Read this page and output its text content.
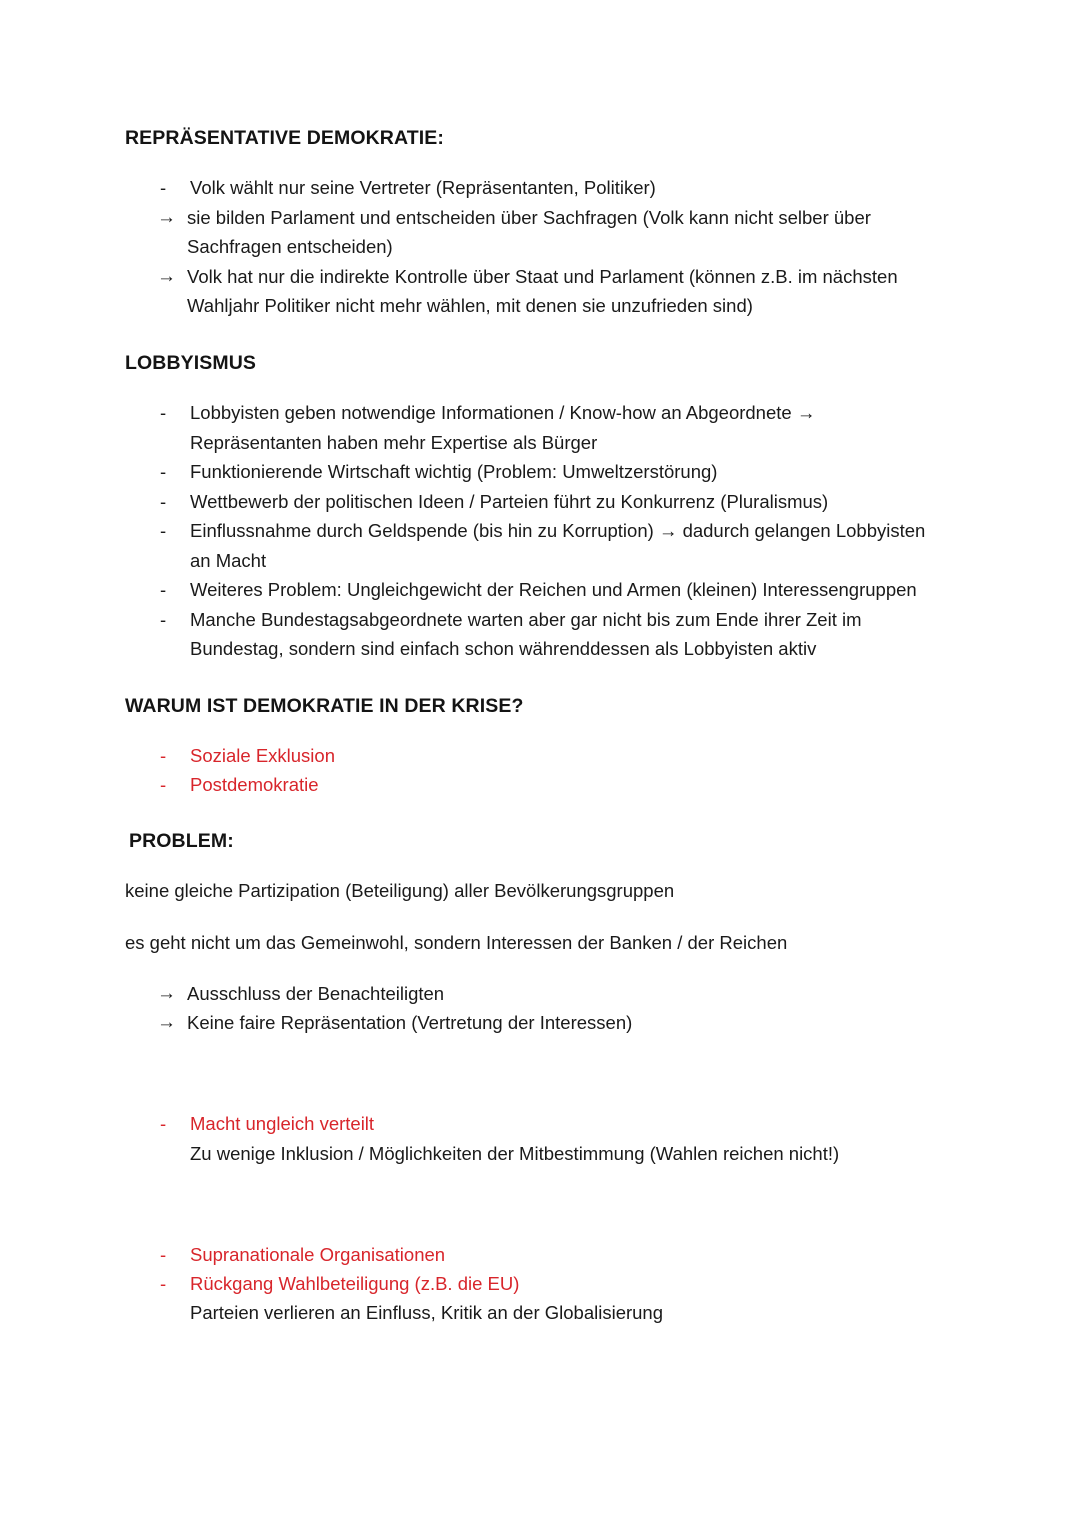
REPRÄSENTATIVE DEMOKRATIE:
-	Volk wählt nur seine Vertreter (Repräsentanten, Politiker)
→ sie bilden Parlament und entscheiden über Sachfragen (Volk kann nicht selber über Sachfragen entscheiden)
→ Volk hat nur die indirekte Kontrolle über Staat und Parlament (können z.B. im nächsten Wahljahr Politiker nicht mehr wählen, mit denen sie unzufrieden sind)
LOBBYISMUS
-	Lobbyisten geben notwendige Informationen / Know-how an Abgeordnete → Repräsentanten haben mehr Expertise als Bürger
-	Funktionierende Wirtschaft wichtig (Problem: Umweltzerstörung)
-	Wettbewerb der politischen Ideen / Parteien führt zu Konkurrenz (Pluralismus)
-	Einflussnahme durch Geldspende (bis hin zu Korruption) → dadurch gelangen Lobbyisten an Macht
-	Weiteres Problem: Ungleichgewicht der Reichen und Armen (kleinen) Interessengruppen
-	Manche Bundestagsabgeordnete warten aber gar nicht bis zum Ende ihrer Zeit im Bundestag, sondern sind einfach schon währenddessen als Lobbyisten aktiv
WARUM IST DEMOKRATIE IN DER KRISE?
-	Soziale Exklusion
-	Postdemokratie
PROBLEM:

keine gleiche Partizipation (Beteiligung) aller Bevölkerungsgruppen

es geht nicht um das Gemeinwohl, sondern Interessen der Banken / der Reichen

→ Ausschluss der Benachteiligten
→ Keine faire Repräsentation (Vertretung der Interessen)
-	Macht ungleich verteilt
Zu wenige Inklusion / Möglichkeiten der Mitbestimmung (Wahlen reichen nicht!)
-	Supranationale Organisationen
-	Rückgang Wahlbeteiligung (z.B. die EU)
Parteien verlieren an Einfluss, Kritik an der Globalisierung
